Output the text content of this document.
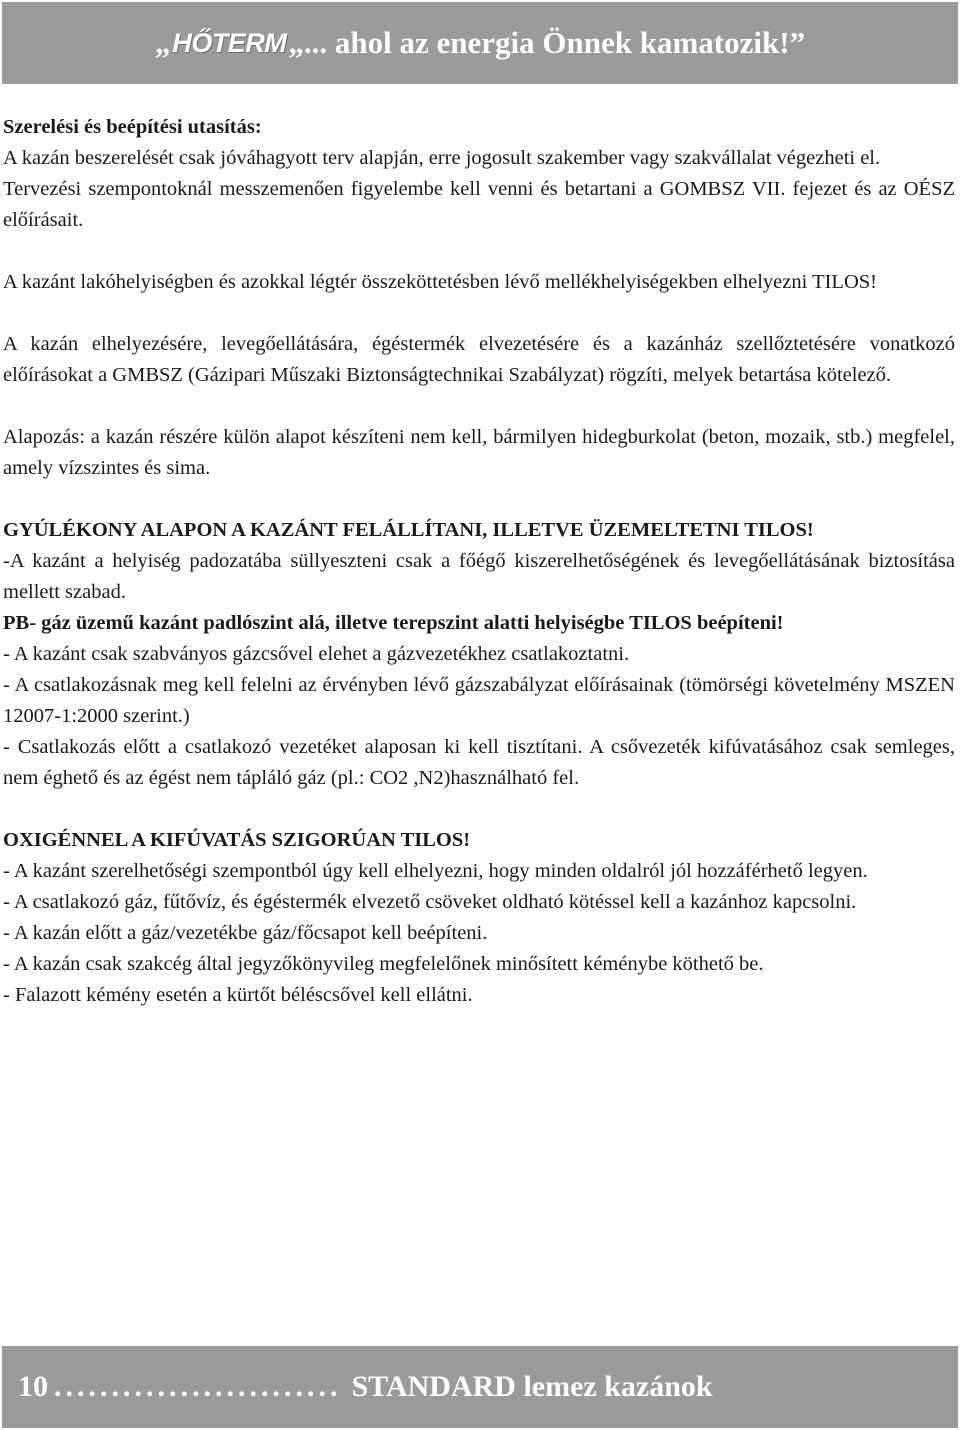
„ HŐTERM „... ahol az energia Önnek kamatozik!”

Szerelési és beépítési utasítás:

A kazán beszerelését csak jóváhagyott terv alapján, erre jogosult szakember vagy szakvállalat végezheti el.

Tervezési szempontoknál messzemenően figyelembe kell venni és betartani a GOMBSZ VII. fejezet és az OÉSZ előírásait.

A kazánt lakóhelyiségben és azokkal légtér összeköttetésben lévő mellékhelyiségekben elhelyezni TILOS!

A kazán elhelyezésére, levegőellátására, égéstermék elvezetésére és a kazánház szellőztetésére vonatkozó előírásokat a GMBSZ (Gázipari Műszaki Biztonságtechnikai Szabályzat) rögzíti, melyek betartása kötelező.

Alapozás: a kazán részére külön alapot készíteni nem kell, bármilyen hidegburkolat (beton, mozaik, stb.) megfelel, amely vízszintes és sima.

GYÚLÉKONY ALAPON A KAZÁNT FELÁLLÍTANI, ILLETVE ÜZEMELTETNI TILOS!

-A kazánt a helyiség padozatába süllyeszteni csak a főégő kiszerelhetőségének és levegőellátásának biztosítása mellett szabad.

PB- gáz üzemű kazánt padlószint alá, illetve terepszint alatti helyiségbe TILOS beépíteni!

- A kazánt csak szabványos gázcsővel elehet a gázvezetékhez csatlakoztatni.

- A csatlakozásnak meg kell felelni az érvényben lévő gázszabályzat előírásainak (tömörségi követelmény MSZEN 12007-1:2000 szerint.)

- Csatlakozás előtt a csatlakozó vezetéket alaposan ki kell tisztítani. A csővezeték kifúvatásához csak semleges, nem éghető és az égést nem tápláló gáz (pl.: CO2 ,N2)használható fel.

OXIGÉNNEL A KIFÚVATÁS SZIGORÚAN TILOS!

- A kazánt szerelhetőségi szempontból úgy kell elhelyezni, hogy minden oldalról jól hozzáférhető legyen.

- A csatlakozó gáz, fűtővíz, és égéstermék elvezető csöveket oldható kötéssel kell a kazánhoz kapcsolni.

- A kazán előtt a gáz/vezetékbe gáz/főcsapot kell beépíteni.

- A kazán csak szakcég által jegyzőkönyvileg megfelelőnek minősített kéménybe köthető be.

- Falazott kémény esetén a kürtőt béléscsővel kell ellátni.

10 ......................... STANDARD lemez kazánok
